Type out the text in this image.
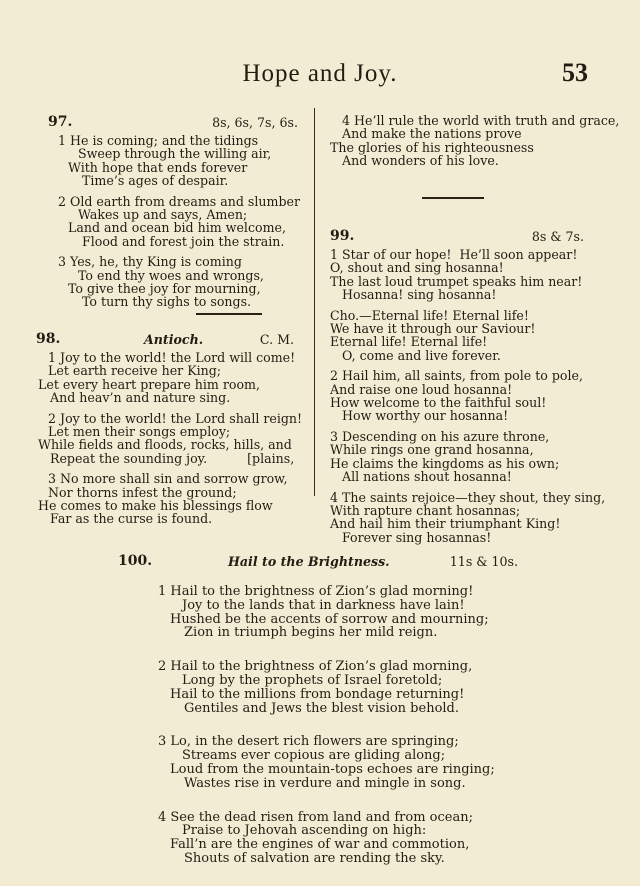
Hope and Joy.	53
97.	8s, 6s, 7s, 6s.
1 He is coming; and the tidings
Sweep through the willing air,
With hope that ends forever
Time’s ages of despair.
2 Old earth from dreams and slumber
Wakes up and says, Amen;
Land and ocean bid him welcome,
Flood and forest join the strain.
3 Yes, he, thy King is coming
To end thy woes and wrongs,
To give thee joy for mourning,
To turn thy sighs to songs.
98.	Antioch.	C. M.
1 Joy to the world! the Lord will come!
Let earth receive her King;
Let every heart prepare him room,
And heav’n and nature sing.
2 Joy to the world! the Lord shall reign!
Let men their songs employ;
While fields and floods, rocks, hills, and
Repeat the sounding joy.          [plains,
3 No more shall sin and sorrow grow,
Nor thorns infest the ground;
He comes to make his blessings flow
Far as the curse is found.
4 He’ll rule the world with truth and grace,
And make the nations prove
The glories of his righteousness
And wonders of his love.
99.	8s & 7s.
1 Star of our hope!  He’ll soon appear!
O, shout and sing hosanna!
The last loud trumpet speaks him near!
Hosanna! sing hosanna!
Cho.—Eternal life! Eternal life!
We have it through our Saviour!
Eternal life! Eternal life!
O, come and live forever.
2 Hail him, all saints, from pole to pole,
And raise one loud hosanna!
How welcome to the faithful soul!
How worthy our hosanna!
3 Descending on his azure throne,
While rings one grand hosanna,
He claims the kingdoms as his own;
All nations shout hosanna!
4 The saints rejoice—they shout, they sing,
With rapture chant hosannas;
And hail him their triumphant King!
Forever sing hosannas!
100.	Hail to the Brightness.	11s & 10s.
1 Hail to the brightness of Zion’s glad morning!
Joy to the lands that in darkness have lain!
Hushed be the accents of sorrow and mourning;
Zion in triumph begins her mild reign.
2 Hail to the brightness of Zion’s glad morning,
Long by the prophets of Israel foretold;
Hail to the millions from bondage returning!
Gentiles and Jews the blest vision behold.
3 Lo, in the desert rich flowers are springing;
Streams ever copious are gliding along;
Loud from the mountain-tops echoes are ringing;
Wastes rise in verdure and mingle in song.
4 See the dead risen from land and from ocean;
Praise to Jehovah ascending on high:
Fall’n are the engines of war and commotion,
Shouts of salvation are rending the sky.
